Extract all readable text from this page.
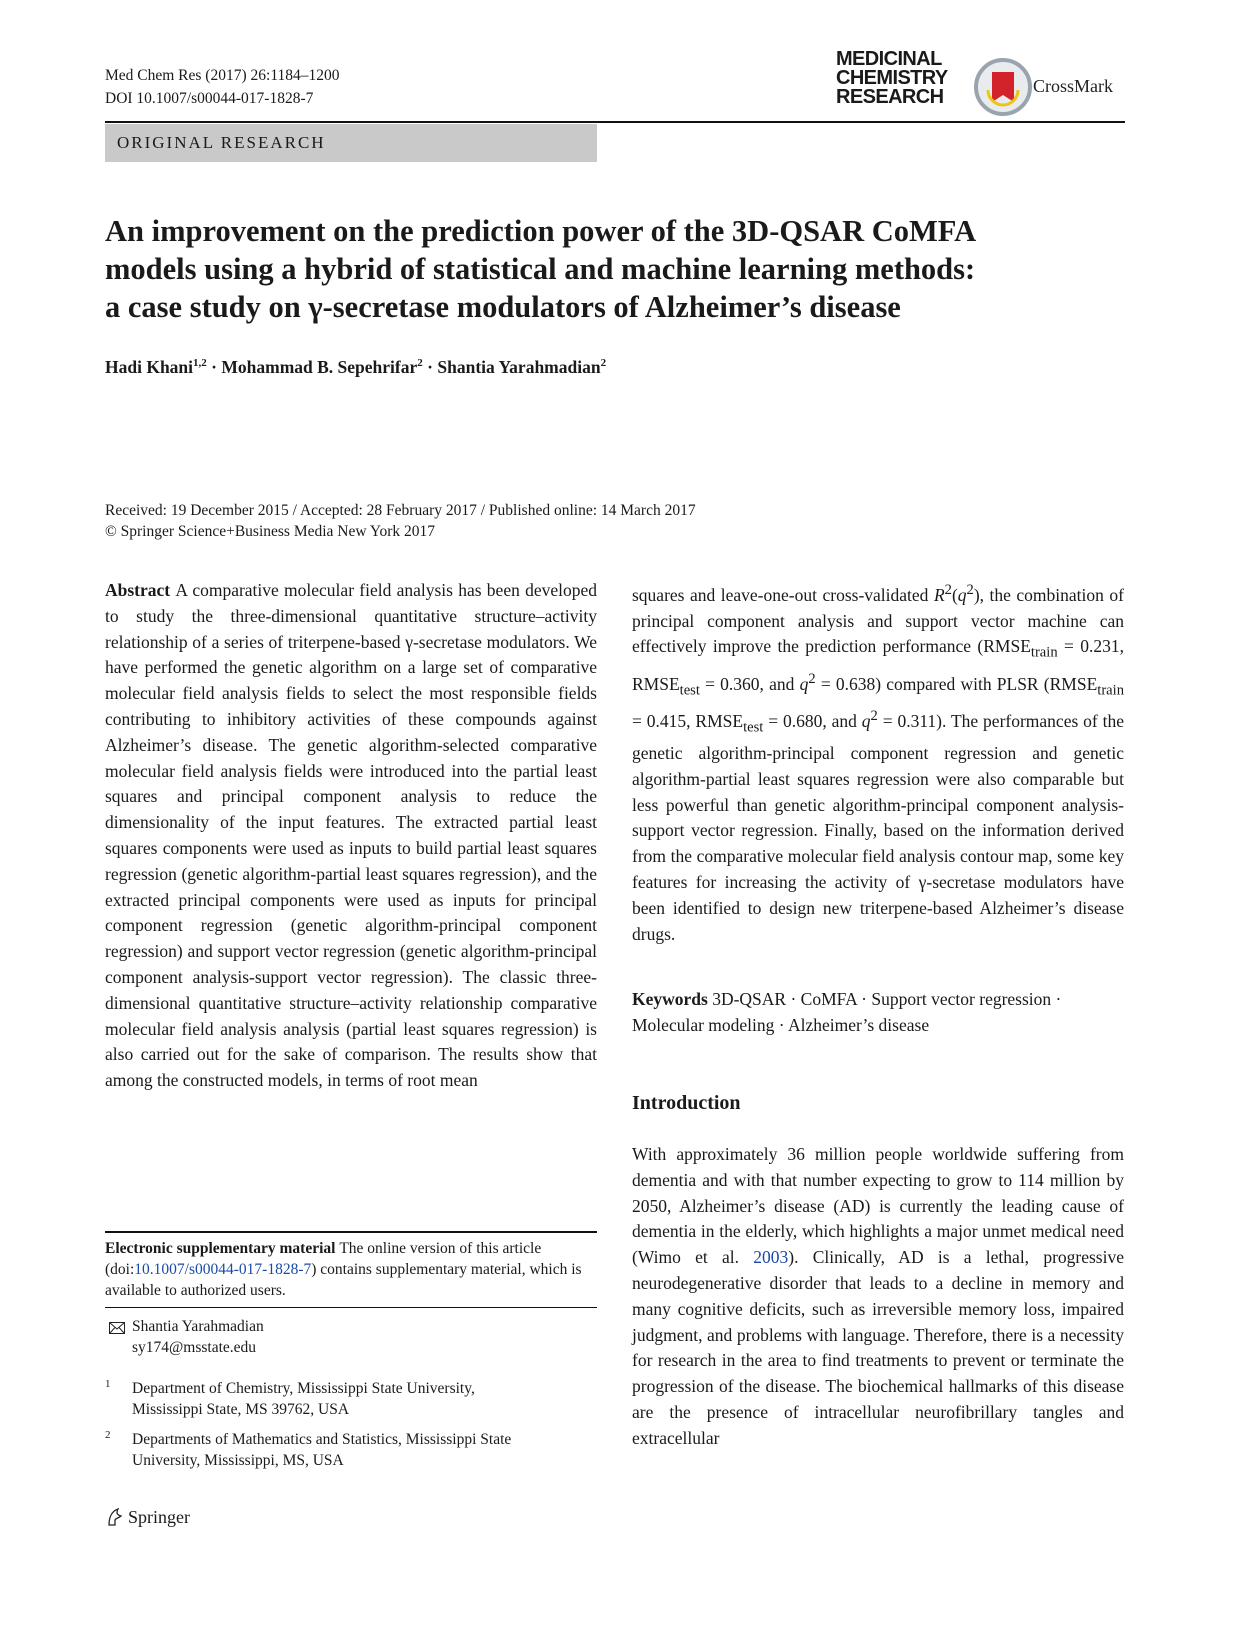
Med Chem Res (2017) 26:1184–1200
DOI 10.1007/s00044-017-1828-7
MEDICINAL
CHEMISTRY
RESEARCH	CrossMark
ORIGINAL RESEARCH
An improvement on the prediction power of the 3D-QSAR CoMFA
models using a hybrid of statistical and machine learning methods:
a case study on γ-secretase modulators of Alzheimer’s disease
Hadi Khani$^{1,2}$ · Mohammad B. Sepehrifar$^2$ · Shantia Yarahmadian$^2$
Received: 19 December 2015 / Accepted: 28 February 2017 / Published online: 14 March 2017
© Springer Science+Business Media New York 2017

Abstract A comparative molecular field analysis has been developed to study the three-dimensional quantitative structure–activity relationship of a series of triterpene-based γ-secretase modulators. We have performed the genetic algorithm on a large set of comparative molecular field analysis fields to select the most responsible fields contributing to inhibitory activities of these compounds against Alzheimer’s disease. The genetic algorithm-selected comparative molecular field analysis fields were introduced into the partial least squares and principal component analysis to reduce the dimensionality of the input features. The extracted partial least squares components were used as inputs to build partial least squares regression (genetic algorithm-partial least squares regression), and the extracted principal components were used as inputs for principal component regression (genetic algorithm-principal component regression) and support vector regression (genetic algorithm-principal component analysis-support vector regression). The classic three-dimensional quantitative structure–activity relationship comparative molecular field analysis analysis (partial least squares regression) is also carried out for the sake of comparison. The results show that among the constructed models, in terms of root mean

squares and leave-one-out cross-validated $R^2(q^2)$, the combination of principal component analysis and support vector machine can effectively improve the prediction performance ($RMSE_{train} = 0.231$, $RMSE_{test} = 0.360$, and $q^2 = 0.638$) compared with PLSR ($RMSE_{train} = 0.415$, $RMSE_{test} = 0.680$, and $q^2 = 0.311$). The performances of the genetic algorithm-principal component regression and genetic algorithm-partial least squares regression were also comparable but less powerful than genetic algorithm-principal component analysis-support vector regression. Finally, based on the information derived from the comparative molecular field analysis contour map, some key features for increasing the activity of γ-secretase modulators have been identified to design new triterpene-based Alzheimer’s disease drugs.

Keywords 3D-QSAR · CoMFA · Support vector regression · Molecular modeling · Alzheimer’s disease
Introduction
With approximately 36 million people worldwide suffering from dementia and with that number expecting to grow to 114 million by 2050, Alzheimer’s disease (AD) is currently the leading cause of dementia in the elderly, which highlights a major unmet medical need (Wimo et al. 2003). Clinically, AD is a lethal, progressive neurodegenerative disorder that leads to a decline in memory and many cognitive deficits, such as irreversible memory loss, impaired judgment, and problems with language. Therefore, there is a necessity for research in the area to find treatments to prevent or terminate the progression of the disease. The biochemical hallmarks of this disease are the presence of intracellular neurofibrillary tangles and extracellular
Electronic supplementary material The online version of this article (doi:10.1007/s00044-017-1828-7) contains supplementary material, which is available to authorized users.
Shantia Yarahmadian
sy174@msstate.edu
1 Department of Chemistry, Mississippi State University,
Mississippi State, MS 39762, USA
2 Departments of Mathematics and Statistics, Mississippi State
University, Mississippi, MS, USA
Springer
